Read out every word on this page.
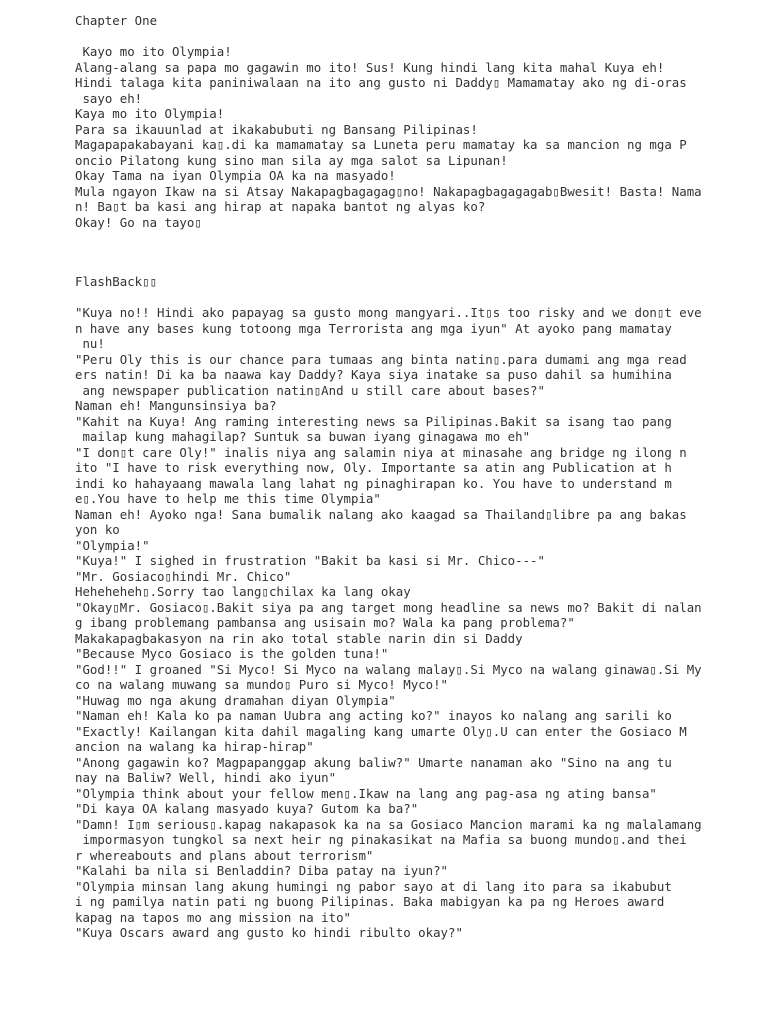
Chapter One
Kayo mo ito Olympia!
Alang-alang sa papa mo gagawin mo ito! Sus! Kung hindi lang kita mahal Kuya eh!
Hindi talaga kita paniniwalaan na ito ang gusto ni Daddy▯ Mamamatay ako ng di-oras
sayo eh!
Kaya mo ito Olympia!
Para sa ikauunlad at ikakabubuti ng Bansang Pilipinas!
Magapapakabayani ka▯.di ka mamamatay sa Luneta peru mamatay ka sa mancion ng mga P
oncio Pilatong kung sino man sila ay mga salot sa Lipunan!
Okay Tama na iyan Olympia OA ka na masyado!
Mula ngayon Ikaw na si Atsay Nakapagbagagag▯no! Nakapagbagagagab▯Bwesit! Basta! Nama
n! Ba▯t ba kasi ang hirap at napaka bantot ng alyas ko?
Okay! Go na tayo▯
FlashBack▯▯
"Kuya no!! Hindi ako papayag sa gusto mong mangyari..It▯s too risky and we don▯t eve
n have any bases kung totoong mga Terrorista ang mga iyun" At ayoko pang mamatay
nu!
"Peru Oly this is our chance para tumaas ang binta natin▯.para dumami ang mga read
ers natin! Di ka ba naawa kay Daddy? Kaya siya inatake sa puso dahil sa humihina
ang newspaper publication natin▯And u still care about bases?"
Naman eh! Mangunsinsiya ba?
"Kahit na Kuya! Ang raming interesting news sa Pilipinas.Bakit sa isang tao pang
mailap kung mahagilap? Suntuk sa buwan iyang ginagawa mo eh"
"I don▯t care Oly!" inalis niya ang salamin niya at minasahe ang bridge ng ilong n
ito "I have to risk everything now, Oly. Importante sa atin ang Publication at h
indi ko hahayaang mawala lang lahat ng pinaghirapan ko. You have to understand m
e▯.You have to help me this time Olympia"
Naman eh! Ayoko nga! Sana bumalik nalang ako kaagad sa Thailand▯libre pa ang bakas
yon ko
"Olympia!"
"Kuya!" I sighed in frustration "Bakit ba kasi si Mr. Chico---"
"Mr. Gosiaco▯hindi Mr. Chico"
Heheheheh▯.Sorry tao lang▯chilax ka lang okay
"Okay▯Mr. Gosiaco▯.Bakit siya pa ang target mong headline sa news mo? Bakit di nalan
g ibang problemang pambansa ang usisain mo? Wala ka pang problema?"
Makakapagbakasyon na rin ako total stable narin din si Daddy
"Because Myco Gosiaco is the golden tuna!"
"God!!" I groaned "Si Myco! Si Myco na walang malay▯.Si Myco na walang ginawa▯.Si My
co na walang muwang sa mundo▯ Puro si Myco! Myco!"
"Huwag mo nga akung dramahan diyan Olympia"
"Naman eh! Kala ko pa naman Uubra ang acting ko?" inayos ko nalang ang sarili ko
"Exactly! Kailangan kita dahil magaling kang umarte Oly▯.U can enter the Gosiaco M
ancion na walang ka hirap-hirap"
"Anong gagawin ko? Magpapanggap akung baliw?" Umarte nanaman ako "Sino na ang tu
nay na Baliw? Well, hindi ako iyun"
"Olympia think about your fellow men▯.Ikaw na lang ang pag-asa ng ating bansa"
"Di kaya OA kalang masyado kuya? Gutom ka ba?"
"Damn! I▯m serious▯.kapag nakapasok ka na sa Gosiaco Mancion marami ka ng malalamang
impormasyon tungkol sa next heir ng pinakasikat na Mafia sa buong mundo▯.and thei
r whereabouts and plans about terrorism"
"Kalahi ba nila si Benladdin? Diba patay na iyun?"
"Olympia minsan lang akung humingi ng pabor sayo at di lang ito para sa ikabubut
i ng pamilya natin pati ng buong Pilipinas. Baka mabigyan ka pa ng Heroes award
kapag na tapos mo ang mission na ito"
"Kuya Oscars award ang gusto ko hindi ribulto okay?"
